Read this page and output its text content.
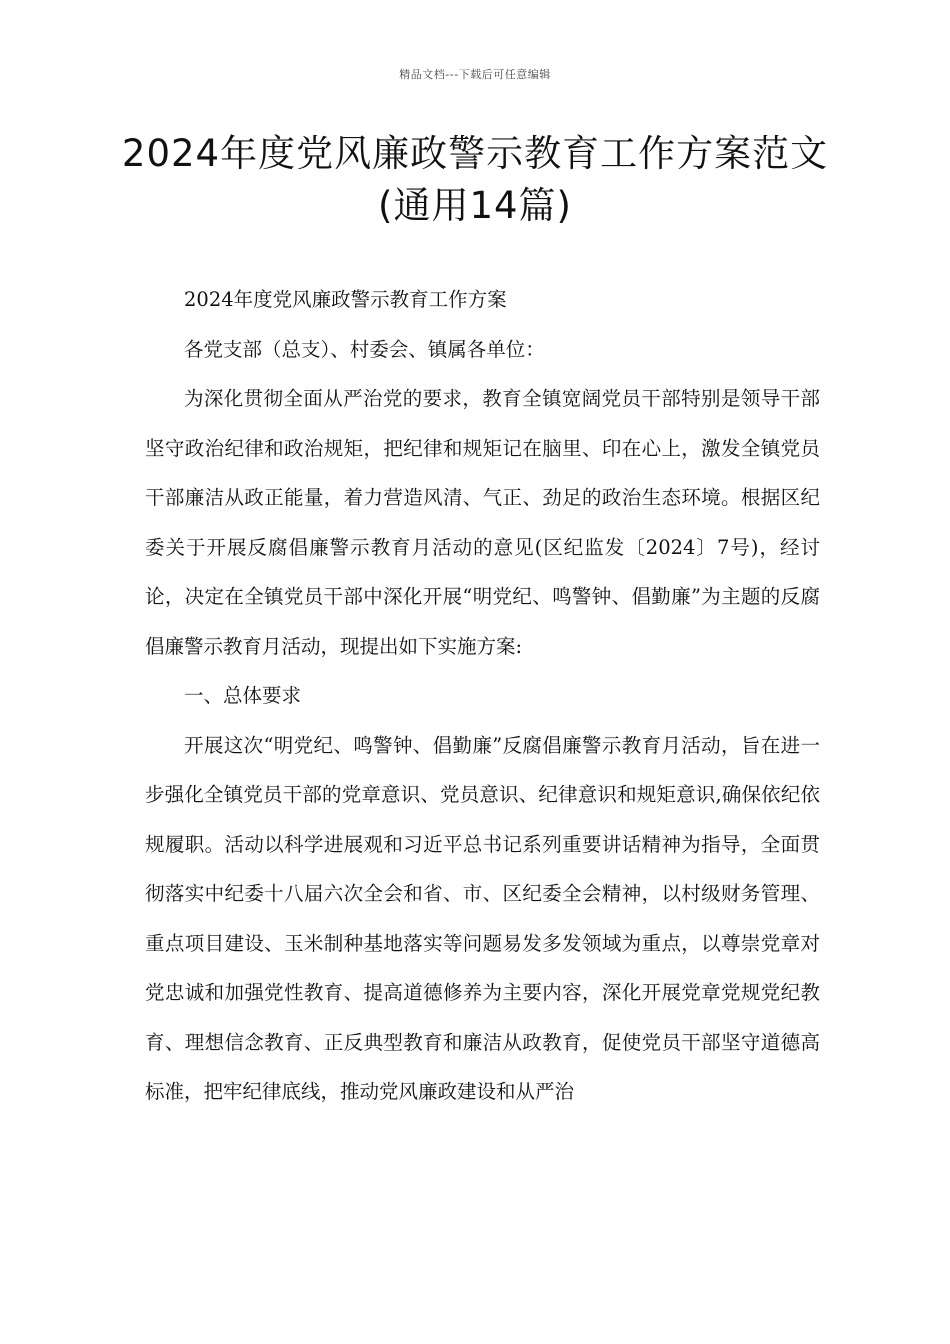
精品文档---下载后可任意编辑
2024年度党风廉政警示教育工作方案范文(通用14篇)

2024年度党风廉政警示教育工作方案

各党支部（总支）、村委会、镇属各单位：

为深化贯彻全面从严治党的要求，教育全镇宽阔党员干部特别是领导干部坚守政治纪律和政治规矩，把纪律和规矩记在脑里、印在心上，激发全镇党员干部廉洁从政正能量，着力营造风清、气正、劲足的政治生态环境。根据区纪委关于开展反腐倡廉警示教育月活动的意见(区纪监发〔2024〕7号)，经讨论，决定在全镇党员干部中深化开展“明党纪、鸣警钟、倡勤廉”为主题的反腐倡廉警示教育月活动，现提出如下实施方案:

一、总体要求

开展这次“明党纪、鸣警钟、倡勤廉”反腐倡廉警示教育月活动，旨在进一步强化全镇党员干部的党章意识、党员意识、纪律意识和规矩意识,确保依纪依规履职。活动以科学进展观和习近平总书记系列重要讲话精神为指导，全面贯彻落实中纪委十八届六次全会和省、市、区纪委全会精神，以村级财务管理、重点项目建设、玉米制种基地落实等问题易发多发领域为重点，以尊崇党章对党忠诚和加强党性教育、提高道德修养为主要内容，深化开展党章党规党纪教育、理想信念教育、正反典型教育和廉洁从政教育，促使党员干部坚守道德高标准，把牢纪律底线，推动党风廉政建设和从严治
